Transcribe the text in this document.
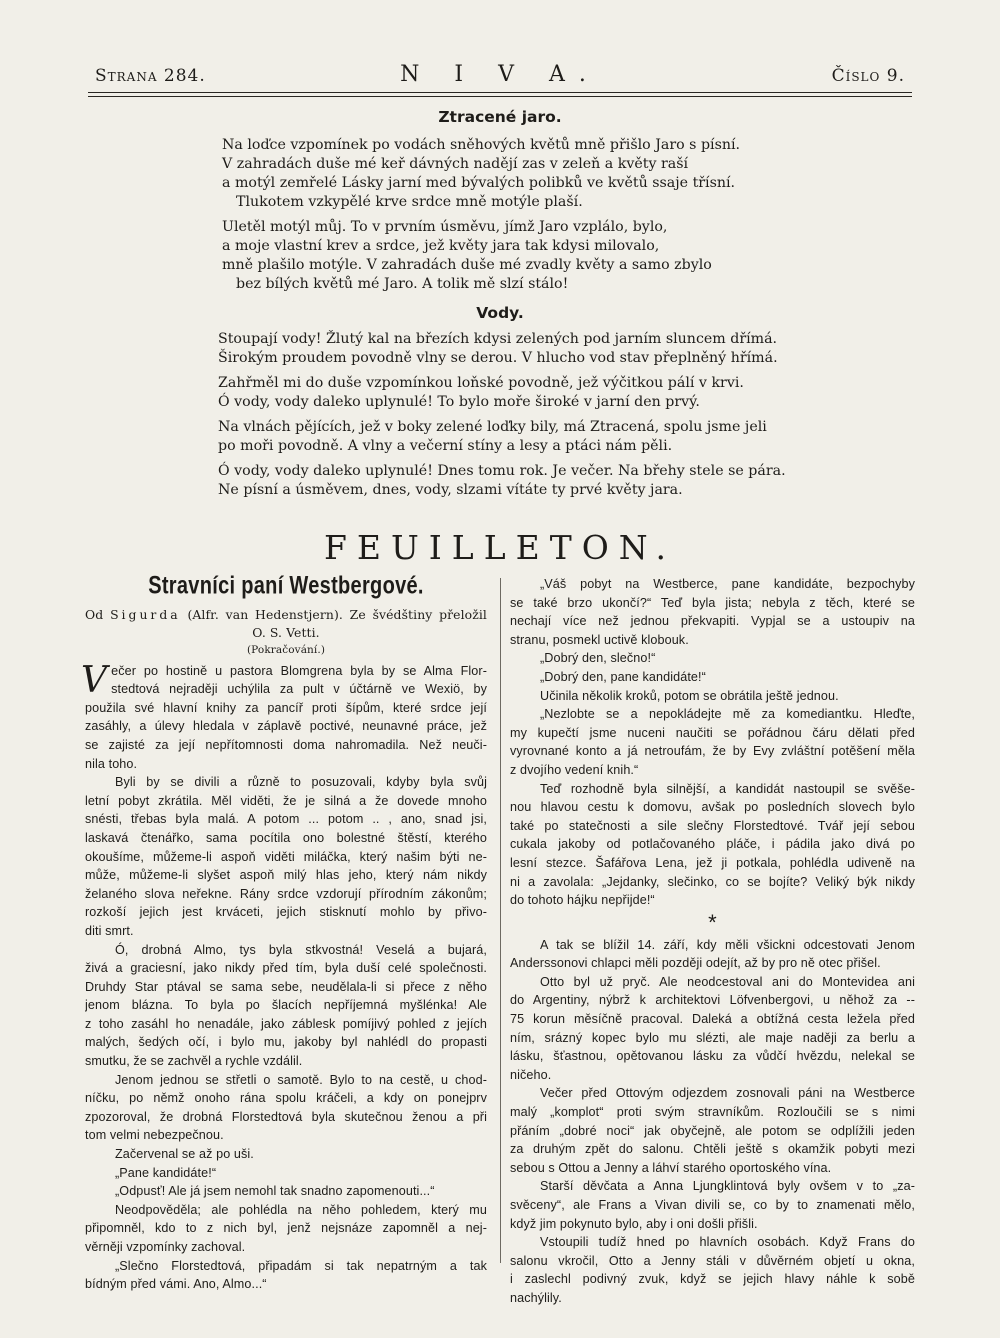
Strana 284.	N I V A.	Číslo 9.
Ztracené jaro.
Na loďce vzpomínek po vodách sněhových květů mně přišlo Jaro s písní.
V zahradách duše mé keř dávných nadějí zas v zeleň a květy raší
a motýl zemřelé Lásky jarní med bývalých polibků ve květů ssaje třísní.
Tlukotem vzkypělé krve srdce mně motýle plaší.
Uletěl motýl můj. To v prvním úsměvu, jímž Jaro vzplálo, bylo,
a moje vlastní krev a srdce, jež květy jara tak kdysi milovalo,
mně plašilo motýle. V zahradách duše mé zvadly květy a samo zbylo
bez bílých květů mé Jaro. A tolik mě slzí stálo!
Vody.
Stoupají vody! Žlutý kal na březích kdysi zelených pod jarním sluncem dřímá.
Širokým proudem povodně vlny se derou. V hlucho vod stav přeplněný hřímá.
Zahřměl mi do duše vzpomínkou loňské povodně, jež výčitkou pálí v krvi.
Ó vody, vody daleko uplynulé! To bylo moře široké v jarní den prvý.
Na vlnách pějících, jež v boky zelené loďky bily, má Ztracená, spolu jsme jeli
po moři povodně. A vlny a večerní stíny a lesy a ptáci nám pěli.
Ó vody, vody daleko uplynulé! Dnes tomu rok. Je večer. Na břehy stele se pára.
Ne písní a úsměvem, dnes, vody, slzami vítáte ty prvé květy jara.
FEUILLETON.
Stravníci paní Westbergové.
Od Sigurda (Alfr. van Hedenstjern). Ze švédštiny přeložil
O. S. Vetti.
(Pokračování.)
V ečer po hostině u pastora Blomgrena byla by se Alma Flor-
stedtová nejraději uchýlila za pult v účtárně ve Wexiö, by
použila své hlavní knihy za pancíř proti šípům, které srdce její
zasáhly, a úlevy hledala v záplavě poctivé, neunavné práce, jež
se zajisté za její nepřítomnosti doma nahromadila. Než neuči-
nila toho.
Byli by se divili a různě to posuzovali, kdyby byla svůj
letní pobyt zkrátila. Měl viděti, že je silná a že dovede mnoho
snésti, třebas byla malá. A potom ... potom .. , ano, snad jsi,
laskavá čtenářko, sama pocítila ono bolestné štěstí, kterého
okoušíme, můžeme-li aspoň viděti miláčka, který našim býti ne-
může, můžeme-li slyšet aspoň milý hlas jeho, který nám nikdy
želaného slova neřekne. Rány srdce vzdorují přírodním zákonům;
rozkoší jejich jest krváceti, jejich stisknutí mohlo by přivo-
diti smrt.
Ó, drobná Almo, tys byla stkvostná! Veselá a bujará,
živá a graciesní, jako nikdy před tím, byla duší celé společnosti.
Druhdy Star ptával se sama sebe, neudělala-li si přece z něho
jenom blázna. To byla po šlacích nepříjemná myšlénka! Ale
z toho zasáhl ho nenadále, jako záblesk pomíjivý pohled z jejích
malých, šedých očí, i bylo mu, jakoby byl nahlédl do propasti
smutku, že se zachvěl a rychle vzdálil.
Jenom jednou se střetli o samotě. Bylo to na cestě, u chod-
níčku, po němž onoho rána spolu kráčeli, a kdy on ponejprv
zpozoroval, že drobná Florstedtová byla skutečnou ženou a při
tom velmi nebezpečnou.
Začervenal se až po uši.
„Pane kandidáte!“
„Odpusť! Ale já jsem nemohl tak snadno zapomenouti...“
Neodpověděla; ale pohlédla na něho pohledem, který mu
připomněl, kdo to z nich byl, jenž nejsnáze zapomněl a nej-
věrněji vzpomínky zachoval.
„Slečno Florstedtová, připadám si tak nepatrným a tak
bídným před vámi. Ano, Almo...“
„Váš pobyt na Westberce, pane kandidáte, bezpochyby
se také brzo ukončí?“ Teď byla jista; nebyla z těch, které se
nechají více než jednou překvapiti. Vypjal se a ustoupiv na
stranu, posmekl uctivě klobouk.
„Dobrý den, slečno!“
„Dobrý den, pane kandidáte!“
Učinila několik kroků, potom se obrátila ještě jednou.
„Nezlobte se a nepokládejte mě za komediantku. Hleďte,
my kupečtí jsme nuceni naučiti se pořádnou čáru dělati před
vyrovnané konto a já netroufám, že by Evy zvláštní potěšení měla
z dvojího vedení knih.“
Teď rozhodně byla silnější, a kandidát nastoupil se svěše-
nou hlavou cestu k domovu, avšak po posledních slovech bylo
také po statečnosti a sile slečny Florstedtové. Tvář její sebou
cukala jakoby od potlačovaného pláče, i pádila jako divá po
lesní stezce. Šafářova Lena, jež ji potkala, pohlédla udiveně na
ni a zavolala: „Jejdanky, slečinko, co se bojíte? Veliký býk nikdy
do tohoto hájku nepřijde!“
*
A tak se blížil 14. září, kdy měli všickni odcestovati Jenom
Anderssonovi chlapci měli později odejít, až by pro ně otec přišel.
Otto byl už pryč. Ale neodcestoval ani do Montevidea ani
do Argentiny, nýbrž k architektovi Löfvenbergovi, u něhož za --
75 korun měsíčně pracoval. Daleká a obtížná cesta ležela před
ním, srázný kopec bylo mu slézti, ale maje naději za berlu a
lásku, šťastnou, opětovanou lásku za vůdčí hvězdu, nelekal se
ničeho.
Večer před Ottovým odjezdem zosnovali páni na Westberce
malý „komplot“ proti svým stravníkům. Rozloučili se s nimi
přáním „dobré noci“ jak obyčejně, ale potom se odplížili jeden
za druhým zpět do salonu. Chtěli ještě s okamžik pobyti mezi
sebou s Ottou a Jenny a láhví starého oportoského vína.
Starší děvčata a Anna Ljungklintová byly ovšem v to „za-
svěceny“, ale Frans a Vivan divili se, co by to znamenati mělo,
když jim pokynuto bylo, aby i oni došli přišli.
Vstoupili tudíž hned po hlavních osobách. Když Frans do
salonu vkročil, Otto a Jenny stáli v důvěrném objetí u okna,
i zaslechl podivný zvuk, když se jejich hlavy náhle k sobě
nachýlily.
